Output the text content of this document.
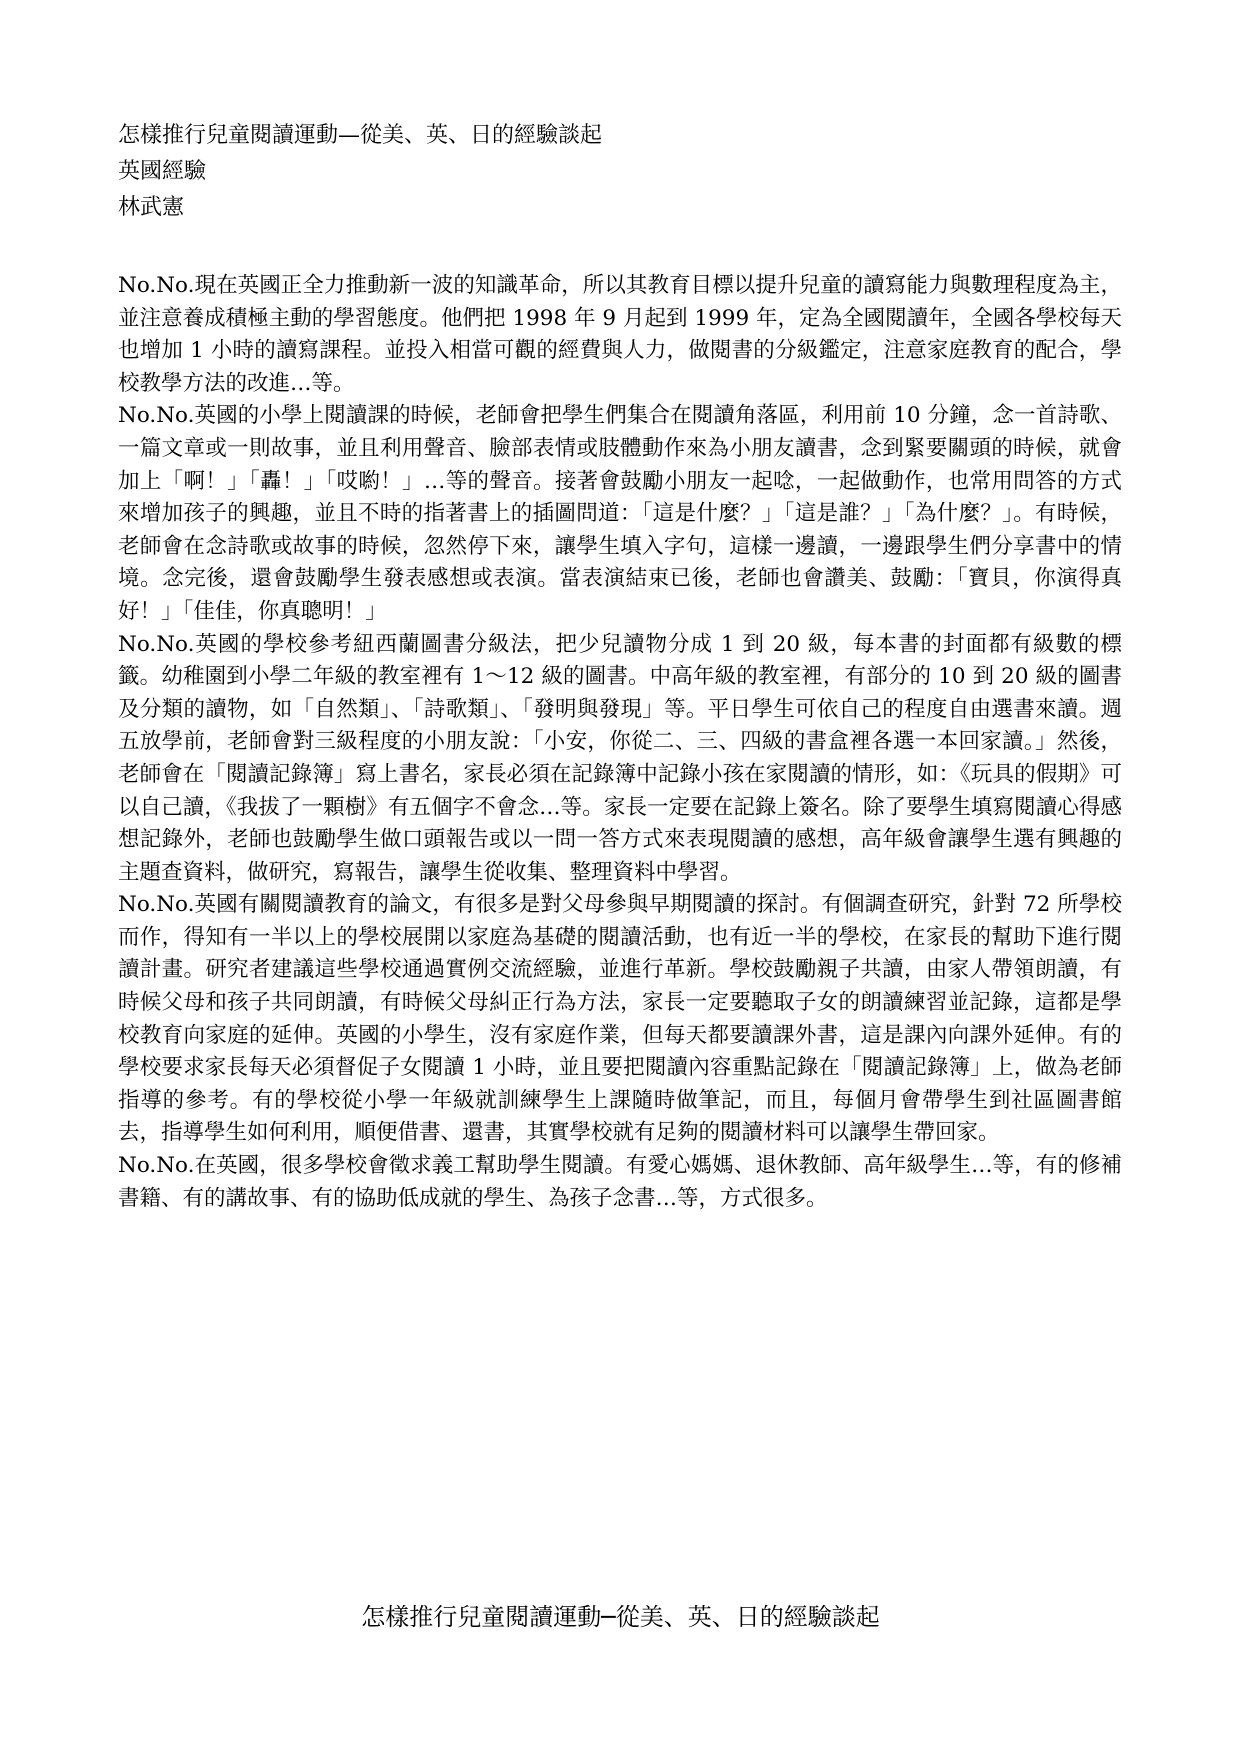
怎樣推行兒童閱讀運動—從美、英、日的經驗談起
英國經驗
林武憲

No.No.現在英國正全力推動新一波的知識革命，所以其教育目標以提升兒童的讀寫能力與數理程度為主，並注意養成積極主動的學習態度。他們把 1998 年 9 月起到 1999 年，定為全國閱讀年，全國各學校每天也增加 1 小時的讀寫課程。並投入相當可觀的經費與人力，做閱書的分級鑑定，注意家庭教育的配合，學校教學方法的改進…等。

No.No.英國的小學上閱讀課的時候，老師會把學生們集合在閱讀角落區，利用前 10 分鐘，念一首詩歌、一篇文章或一則故事，並且利用聲音、臉部表情或肢體動作來為小朋友讀書，念到緊要關頭的時候，就會加上「啊！」「轟！」「哎喲！」…等的聲音。接著會鼓勵小朋友一起唸，一起做動作，也常用問答的方式來增加孩子的興趣，並且不時的指著書上的插圖問道：「這是什麼？」「這是誰？」「為什麼？」。有時候，老師會在念詩歌或故事的時候，忽然停下來，讓學生填入字句，這樣一邊讀，一邊跟學生們分享書中的情境。念完後，還會鼓勵學生發表感想或表演。當表演結束已後，老師也會讚美、鼓勵：「寶貝，你演得真好！」「佳佳，你真聰明！」

No.No.英國的學校參考紐西蘭圖書分級法，把少兒讀物分成 1 到 20 級，每本書的封面都有級數的標籤。幼稚園到小學二年級的教室裡有 1～12 級的圖書。中高年級的教室裡，有部分的 10 到 20 級的圖書及分類的讀物，如「自然類」、「詩歌類」、「發明與發現」等。平日學生可依自己的程度自由選書來讀。週五放學前，老師會對三級程度的小朋友說：「小安，你從二、三、四級的書盒裡各選一本回家讀。」然後，老師會在「閱讀記錄簿」寫上書名，家長必須在記錄簿中記錄小孩在家閱讀的情形，如：《玩具的假期》可以自己讀，《我拔了一顆樹》有五個字不會念…等。家長一定要在記錄上簽名。除了要學生填寫閱讀心得感想記錄外，老師也鼓勵學生做口頭報告或以一問一答方式來表現閱讀的感想，高年級會讓學生選有興趣的主題查資料，做研究，寫報告，讓學生從收集、整理資料中學習。

No.No.英國有關閱讀教育的論文，有很多是對父母參與早期閱讀的探討。有個調查研究，針對 72 所學校而作，得知有一半以上的學校展開以家庭為基礎的閱讀活動，也有近一半的學校，在家長的幫助下進行閱讀計畫。研究者建議這些學校通過實例交流經驗，並進行革新。學校鼓勵親子共讀，由家人帶領朗讀，有時候父母和孩子共同朗讀，有時候父母糾正行為方法，家長一定要聽取子女的朗讀練習並記錄，這都是學校教育向家庭的延伸。英國的小學生，沒有家庭作業，但每天都要讀課外書，這是課內向課外延伸。有的學校要求家長每天必須督促子女閱讀 1 小時，並且要把閱讀內容重點記錄在「閱讀記錄簿」上，做為老師指導的參考。有的學校從小學一年級就訓練學生上課隨時做筆記，而且，每個月會帶學生到社區圖書館去，指導學生如何利用，順便借書、還書，其實學校就有足夠的閱讀材料可以讓學生帶回家。

No.No.在英國，很多學校會徵求義工幫助學生閱讀。有愛心媽媽、退休教師、高年級學生…等，有的修補書籍、有的講故事、有的協助低成就的學生、為孩子念書…等，方式很多。

怎樣推行兒童閱讀運動─從美、英、日的經驗談起
